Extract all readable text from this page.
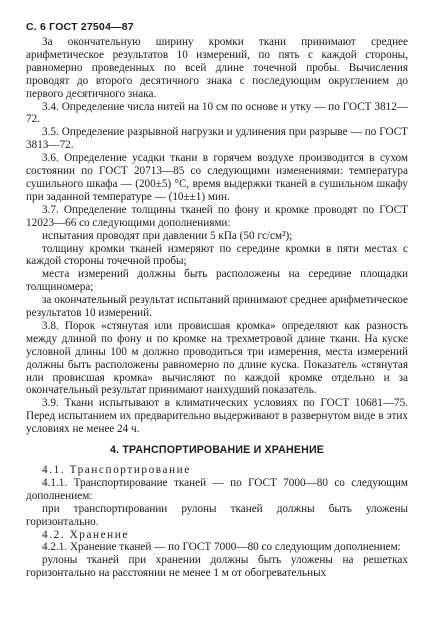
С. 6 ГОСТ 27504—87

За окончательную ширину кромки ткани принимают среднее арифметическое результатов 10 измерений, по пять с каждой стороны, равномерно проведенных по всей длине точечной пробы. Вычисления проводят до второго десятичного знака с последующим округлением до первого десятичного знака.

3.4. Определение числа нитей на 10 см по основе и утку — по ГОСТ 3812—72.

3.5. Определение разрывной нагрузки и удлинения при разрыве — по ГОСТ 3813—72.

3.6. Определение усадки ткани в горячем воздухе производится в сухом состоянии по ГОСТ 20713—85 со следующими изменениями: температура сушильного шкафа — (200±5) °С, время выдержки тканей в сушильном шкафу при заданной температуре — (10±±1) мин.

3.7. Определение толщины тканей по фону и кромке проводят по ГОСТ 12023—66 со следующими дополнениями:

испытания проводят при давлении 5 кПа (50 гс/см²);

толщину кромки тканей измеряют по середине кромки в пяти местах с каждой стороны точечной пробы;

места измерений должны быть расположены на середине площадки толщиномера;

за окончательный результат испытаний принимают среднее арифметическое результатов 10 измерений.

3.8. Порок «стянутая или провисшая кромка» определяют как разность между длиной по фону и по кромке на трехметровой длине ткани. На куске условной длины 100 м должно проводиться три измерения, места измерений должны быть расположены равномерно по длине куска. Показатель «стянутая или провисшая кромка» вычисляют по каждой кромке отдельно и за окончательный результат принимают наихудший показатель.

3.9. Ткани испытывают в климатических условиях по ГОСТ 10681—75. Перед испытанием их предварительно выдерживают в развернутом виде в этих условиях не менее 24 ч.

4. ТРАНСПОРТИРОВАНИЕ И ХРАНЕНИЕ

4.1. Транспортирование

4.1.1. Транспортирование тканей — по ГОСТ 7000—80 со следующим дополнением:

при транспортировании рулоны тканей должны быть уложены горизонтально.

4.2. Хранение

4.2.1. Хранение тканей — по ГОСТ 7000—80 со следующим дополнением:

рулоны тканей при хранении должны быть уложены на решетках горизонтально на расстоянии не менее 1 м от обогревательных
